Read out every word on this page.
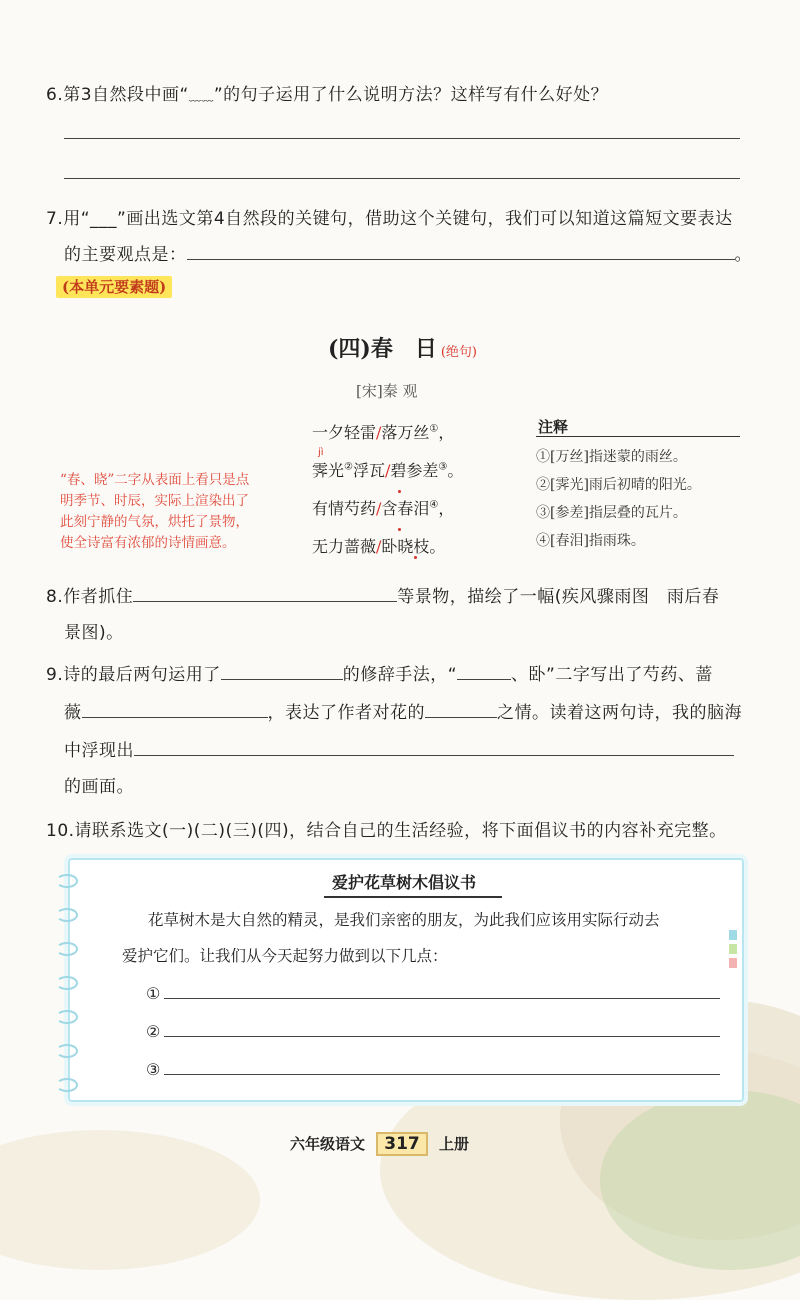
6.第3自然段中画“﹏﹏”的句子运用了什么说明方法？这样写有什么好处？
7.用“___”画出选文第4自然段的关键句，借助这个关键句，我们可以知道这篇短文要表达
的主要观点是：	。
(本单元要素题)
(四)春　日 (绝句)
[宋]秦 观
一夕轻雷/落万丝①，
jì
霁光②浮瓦/碧参差③。
有情芍药/含春泪④，
无力蔷薇/卧晓枝。
注释
①[万丝]指迷蒙的雨丝。
②[霁光]雨后初晴的阳光。
③[参差]指层叠的瓦片。
④[春泪]指雨珠。
“春、晓”二字从表面上看只是点
明季节、时辰，实际上渲染出了
此刻宁静的气氛，烘托了景物，
使全诗富有浓郁的诗情画意。
8.作者抓住	等景物，描绘了一幅(疾风骤雨图　雨后春
景图)。
9.诗的最后两句运用了	的修辞手法，“	、卧”二字写出了芍药、蔷
薇	，表达了作者对花的	之情。读着这两句诗，我的脑海
中浮现出
的画面。
10.请联系选文(一)(二)(三)(四)，结合自己的生活经验，将下面倡议书的内容补充完整。
爱护花草树木倡议书
花草树木是大自然的精灵，是我们亲密的朋友，为此我们应该用实际行动去
爱护它们。让我们从今天起努力做到以下几点：
①
②
③
六年级语文 317 上册
